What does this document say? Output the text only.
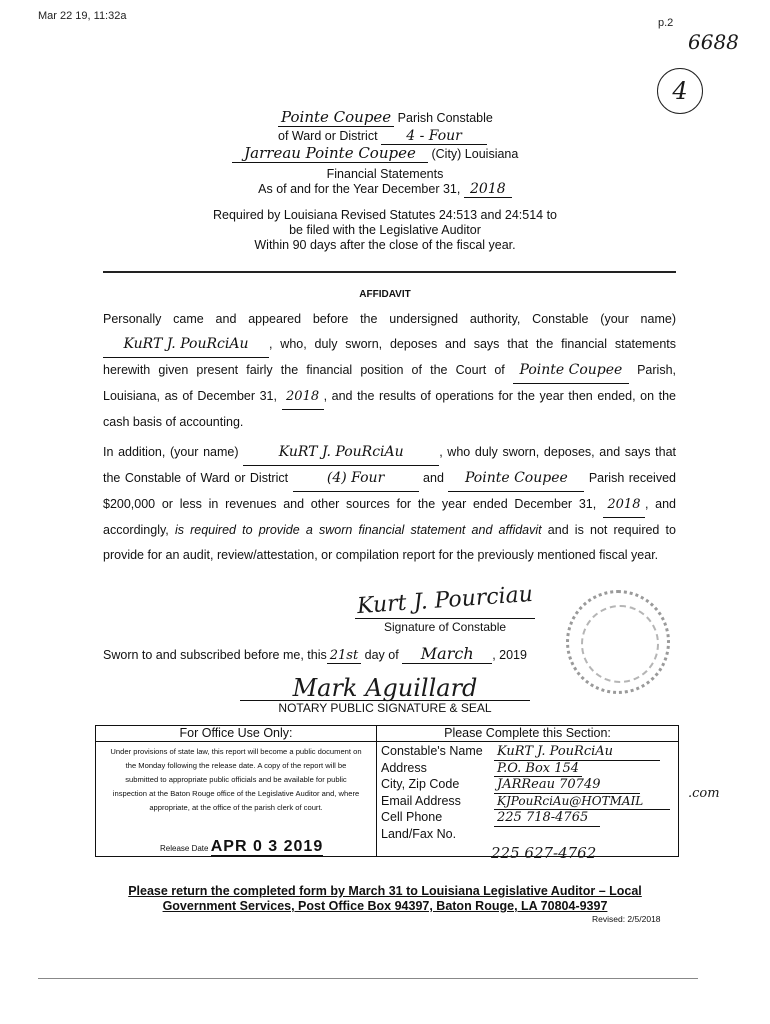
Mar 22 19, 11:32a
p.2
6688
4
Pointe Coupee Parish Constable
of Ward or District 4 - Four
Jarreau Pointe Coupee (City) Louisiana
Financial Statements
As of and for the Year December 31, 2018
Required by Louisiana Revised Statutes 24:513 and 24:514 to
be filed with the Legislative Auditor
Within 90 days after the close of the fiscal year.
AFFIDAVIT
Personally came and appeared before the undersigned authority, Constable (your name) KuRT J. PouRciAu , who, duly sworn, deposes and says that the financial statements herewith given present fairly the financial position of the Court of Pointe Coupee Parish, Louisiana, as of December 31, 2018 , and the results of operations for the year then ended, on the cash basis of accounting.
In addition, (your name)	KuRT J. PouRciAu	, who duly sworn, deposes, and says that the Constable of Ward or District	(4) Four	and Pointe Coupee Parish received $200,000 or less in revenues and other sources for the year ended December 31, 2018 , and accordingly, is required to provide a sworn financial statement and affidavit and is not required to provide for an audit, review/attestation, or compilation report for the previously mentioned fiscal year.
Kurt J. Pourciau
Signature of Constable
Sworn to and subscribed before me, this 21st day of March , 2019
Mark Aguillard
NOTARY PUBLIC SIGNATURE & SEAL
For Office Use Only:
Under provisions of state law, this report will become a public document on the Monday following the release date. A copy of the report will be submitted to appropriate public officials and be available for public inspection at the Baton Rouge office of the Legislative Auditor and, where appropriate, at the office of the parish clerk of court.
Release Date APR 0 3 2019
Please Complete this Section:
Constable's Name KuRT J. PouRciAu
Address	P.O. Box 154
City, Zip Code	JARReau 70749
Email Address	KJPouRciAu@HOTMAIL
Cell Phone	225 718-4765
Land/Fax No.
225 627-4762
.com
Please return the completed form by March 31 to Louisiana Legislative Auditor – Local
Government Services, Post Office Box 94397, Baton Rouge, LA 70804-9397
Revised: 2/5/2018
